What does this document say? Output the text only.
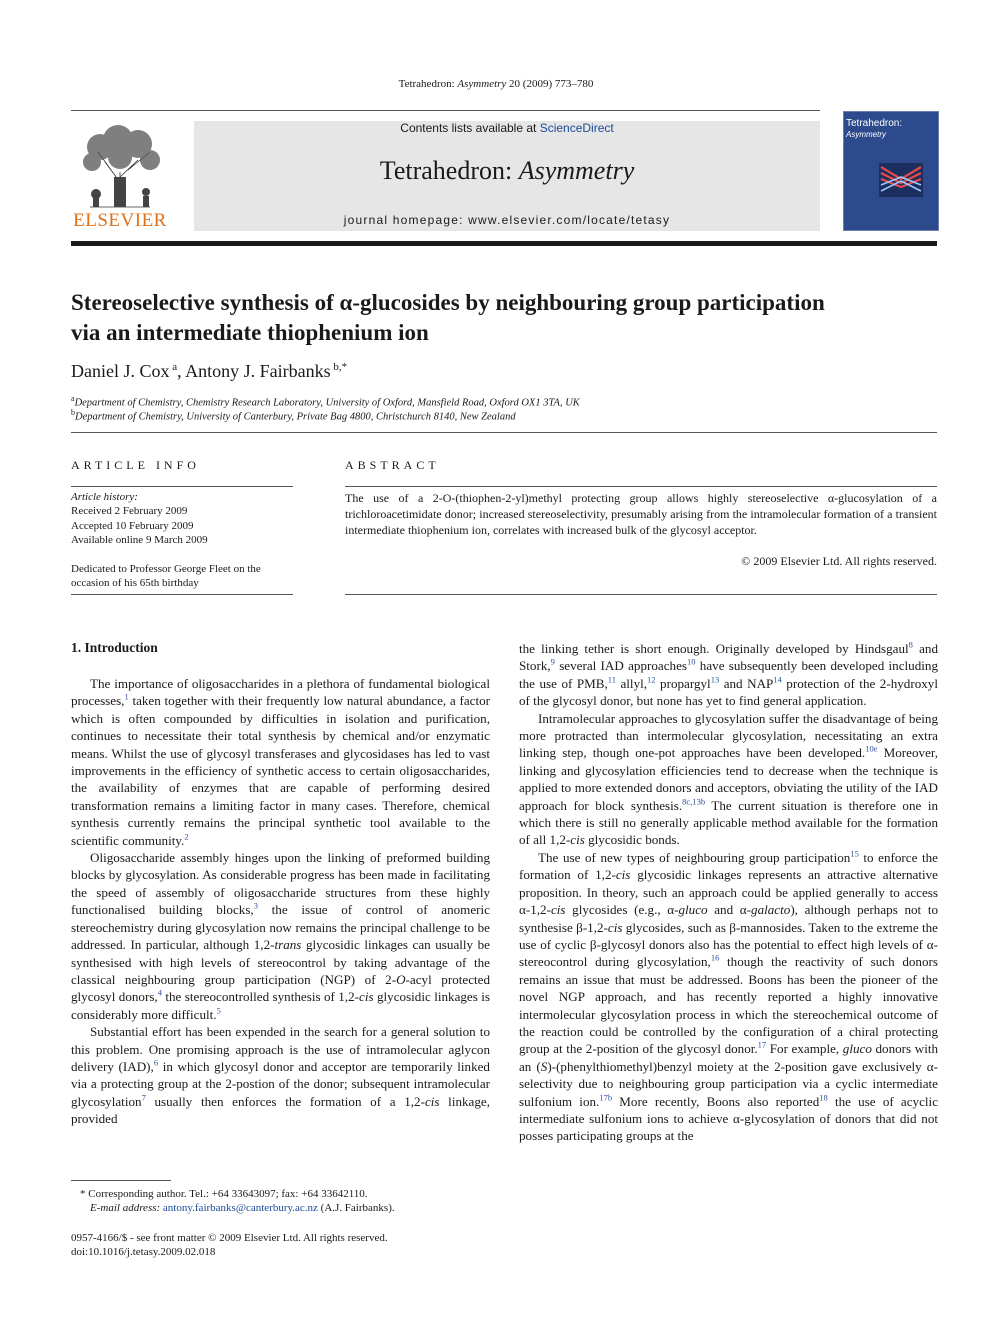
Tetrahedron: Asymmetry 20 (2009) 773–780
ELSEVIER
Contents lists available at ScienceDirect
Tetrahedron: Asymmetry
journal homepage: www.elsevier.com/locate/tetasy
Tetrahedron:
Asymmetry
Stereoselective synthesis of α-glucosides by neighbouring group participation via an intermediate thiophenium ion
Daniel J. Cox $^a$, Antony J. Fairbanks $^{b,*}$
$^a$Department of Chemistry, Chemistry Research Laboratory, University of Oxford, Mansfield Road, Oxford OX1 3TA, UK
$^b$Department of Chemistry, University of Canterbury, Private Bag 4800, Christchurch 8140, New Zealand
ARTICLE INFO
Article history:
Received 2 February 2009
Accepted 10 February 2009
Available online 9 March 2009
Dedicated to Professor George Fleet on the occasion of his 65th birthday
ABSTRACT
The use of a 2-O-(thiophen-2-yl)methyl protecting group allows highly stereoselective α-glucosylation of a trichloroacetimidate donor; increased stereoselectivity, presumably arising from the intramolecular formation of a transient intermediate thiophenium ion, correlates with increased bulk of the glycosyl acceptor.
© 2009 Elsevier Ltd. All rights reserved.
1. Introduction

The importance of oligosaccharides in a plethora of fundamental biological processes,$^1$ taken together with their frequently low natural abundance, a factor which is often compounded by difficulties in isolation and purification, continues to necessitate their total synthesis by chemical and/or enzymatic means. Whilst the use of glycosyl transferases and glycosidases has led to vast improvements in the efficiency of synthetic access to certain oligosaccharides, the availability of enzymes that are capable of performing desired transformation remains a limiting factor in many cases. Therefore, chemical synthesis currently remains the principal synthetic tool available to the scientific community.$^2$

Oligosaccharide assembly hinges upon the linking of preformed building blocks by glycosylation. As considerable progress has been made in facilitating the speed of assembly of oligosaccharide structures from these highly functionalised building blocks,$^3$ the issue of control of anomeric stereochemistry during glycosylation now remains the principal challenge to be addressed. In particular, although 1,2-trans glycosidic linkages can usually be synthesised with high levels of stereocontrol by taking advantage of the classical neighbouring group participation (NGP) of 2-O-acyl protected glycosyl donors,$^4$ the stereocontrolled synthesis of 1,2-cis glycosidic linkages is considerably more difficult.$^5$

Substantial effort has been expended in the search for a general solution to this problem. One promising approach is the use of intramolecular aglycon delivery (IAD),$^6$ in which glycosyl donor and acceptor are temporarily linked via a protecting group at the 2-postion of the donor; subsequent intramolecular glycosylation$^7$ usually then enforces the formation of a 1,2-cis linkage, provided

the linking tether is short enough. Originally developed by Hindsgaul$^8$ and Stork,$^9$ several IAD approaches$^{10}$ have subsequently been developed including the use of PMB,$^{11}$ allyl,$^{12}$ propargyl$^{13}$ and NAP$^{14}$ protection of the 2-hydroxyl of the glycosyl donor, but none has yet to find general application.

Intramolecular approaches to glycosylation suffer the disadvantage of being more protracted than intermolecular glycosylation, necessitating an extra linking step, though one-pot approaches have been developed.$^{10e}$ Moreover, linking and glycosylation efficiencies tend to decrease when the technique is applied to more extended donors and acceptors, obviating the utility of the IAD approach for block synthesis.$^{8c,13b}$ The current situation is therefore one in which there is still no generally applicable method available for the formation of all 1,2-cis glycosidic bonds.

The use of new types of neighbouring group participation$^{15}$ to enforce the formation of 1,2-cis glycosidic linkages represents an attractive alternative proposition. In theory, such an approach could be applied generally to access α-1,2-cis glycosides (e.g., α-gluco and α-galacto), although perhaps not to synthesise β-1,2-cis glycosides, such as β-mannosides. Taken to the extreme the use of cyclic β-glycosyl donors also has the potential to effect high levels of α-stereocontrol during glycosylation,$^{16}$ though the reactivity of such donors remains an issue that must be addressed. Boons has been the pioneer of the novel NGP approach, and has recently reported a highly innovative intermolecular glycosylation process in which the stereochemical outcome of the reaction could be controlled by the configuration of a chiral protecting group at the 2-position of the glycosyl donor.$^{17}$ For example, gluco donors with an (S)-(phenylthiomethyl)benzyl moiety at the 2-position gave exclusively α-selectivity due to neighbouring group participation via a cyclic intermediate sulfonium ion.$^{17b}$ More recently, Boons also reported$^{18}$ the use of acyclic intermediate sulfonium ions to achieve α-glycosylation of donors that did not posses participating groups at the

* Corresponding author. Tel.: +64 33643097; fax: +64 33642110.
E-mail address: antony.fairbanks@canterbury.ac.nz (A.J. Fairbanks).
0957-4166/$ - see front matter © 2009 Elsevier Ltd. All rights reserved.
doi:10.1016/j.tetasy.2009.02.018
